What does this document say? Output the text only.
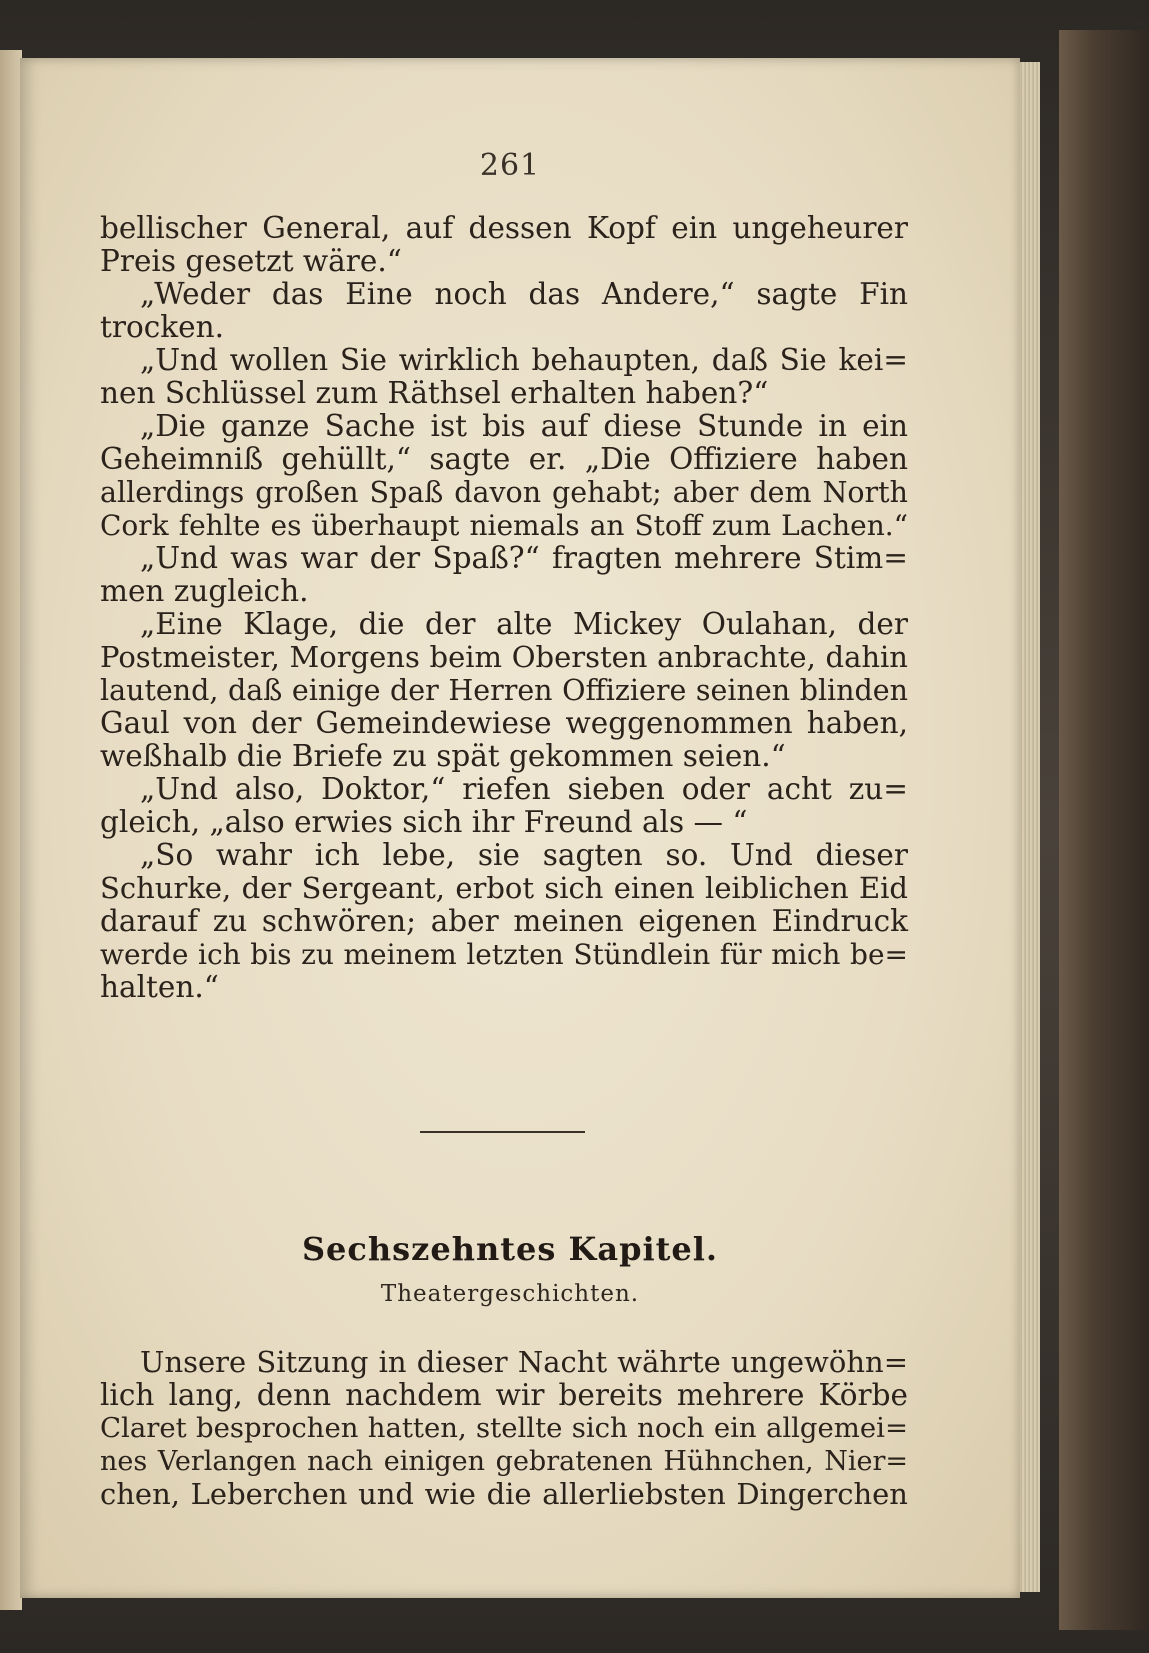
261
bellischer General, auf dessen Kopf ein ungeheurer
Preis gesetzt wäre.“
„Weder das Eine noch das Andere,“ sagte Fin
trocken.
„Und wollen Sie wirklich behaupten, daß Sie kei=
nen Schlüssel zum Räthsel erhalten haben?“
„Die ganze Sache ist bis auf diese Stunde in ein
Geheimniß gehüllt,“ sagte er. „Die Offiziere haben
allerdings großen Spaß davon gehabt; aber dem North
Cork fehlte es überhaupt niemals an Stoff zum Lachen.“
„Und was war der Spaß?“ fragten mehrere Stim=
men zugleich.
„Eine Klage, die der alte Mickey Oulahan, der
Postmeister, Morgens beim Obersten anbrachte, dahin
lautend, daß einige der Herren Offiziere seinen blinden
Gaul von der Gemeindewiese weggenommen haben,
weßhalb die Briefe zu spät gekommen seien.“
„Und also, Doktor,“ riefen sieben oder acht zu=
gleich, „also erwies sich ihr Freund als — “
„So wahr ich lebe, sie sagten so. Und dieser
Schurke, der Sergeant, erbot sich einen leiblichen Eid
darauf zu schwören; aber meinen eigenen Eindruck
werde ich bis zu meinem letzten Stündlein für mich be=
halten.“
Sechszehntes Kapitel.
Theatergeschichten.
Unsere Sitzung in dieser Nacht währte ungewöhn=
lich lang, denn nachdem wir bereits mehrere Körbe
Claret besprochen hatten, stellte sich noch ein allgemei=
nes Verlangen nach einigen gebratenen Hühnchen, Nier=
chen, Leberchen und wie die allerliebsten Dingerchen
